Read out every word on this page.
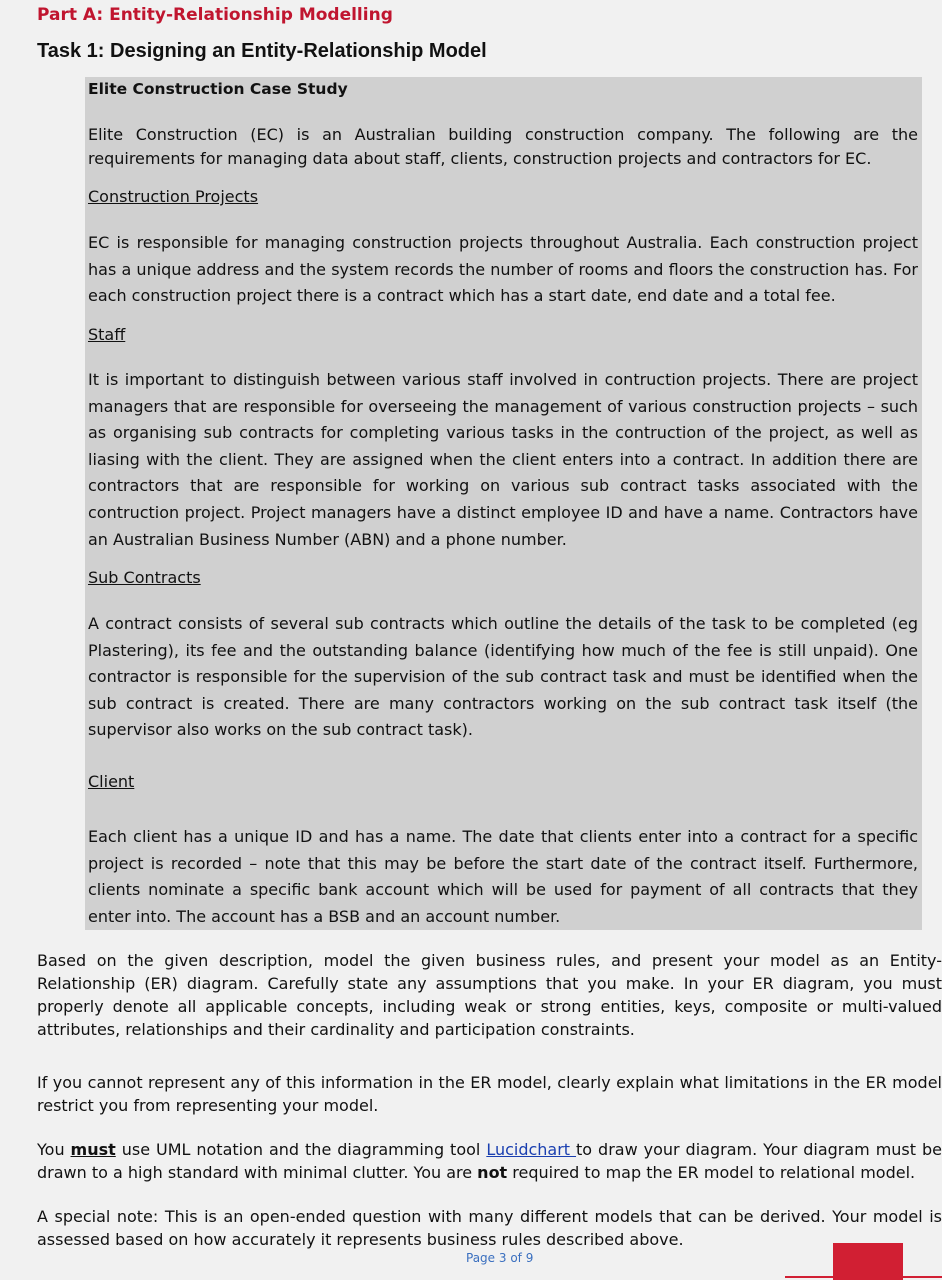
Part A: Entity-Relationship Modelling
Task 1: Designing an Entity-Relationship Model
Elite Construction Case Study

Elite Construction (EC) is an Australian building construction company. The following are the requirements for managing data about staff, clients, construction projects and contractors for EC.

Construction Projects

EC is responsible for managing construction projects throughout Australia. Each construction project has a unique address and the system records the number of rooms and floors the construction has. For each construction project there is a contract which has a start date, end date and a total fee.

Staff

It is important to distinguish between various staff involved in contruction projects. There are project managers that are responsible for overseeing the management of various construction projects – such as organising sub contracts for completing various tasks in the contruction of the project, as well as liasing with the client. They are assigned when the client enters into a contract. In addition there are contractors that are responsible for working on various sub contract tasks associated with the contruction project. Project managers have a distinct employee ID and have a name. Contractors have an Australian Business Number (ABN) and a phone number.

Sub Contracts

A contract consists of several sub contracts which outline the details of the task to be completed (eg Plastering), its fee and the outstanding balance (identifying how much of the fee is still unpaid). One contractor is responsible for the supervision of the sub contract task and must be identified when the sub contract is created. There are many contractors working on the sub contract task itself (the supervisor also works on the sub contract task).

Client

Each client has a unique ID and has a name. The date that clients enter into a contract for a specific project is recorded – note that this may be before the start date of the contract itself. Furthermore, clients nominate a specific bank account which will be used for payment of all contracts that they enter into. The account has a BSB and an account number.

Based on the given description, model the given business rules, and present your model as an Entity-Relationship (ER) diagram. Carefully state any assumptions that you make. In your ER diagram, you must properly denote all applicable concepts, including weak or strong entities, keys, composite or multi-valued attributes, relationships and their cardinality and participation constraints.

If you cannot represent any of this information in the ER model, clearly explain what limitations in the ER model restrict you from representing your model.

You must use UML notation and the diagramming tool Lucidchart to draw your diagram. Your diagram must be drawn to a high standard with minimal clutter. You are not required to map the ER model to relational model.

A special note: This is an open-ended question with many different models that can be derived. Your model is assessed based on how accurately it represents business rules described above.

Page 3 of 9
